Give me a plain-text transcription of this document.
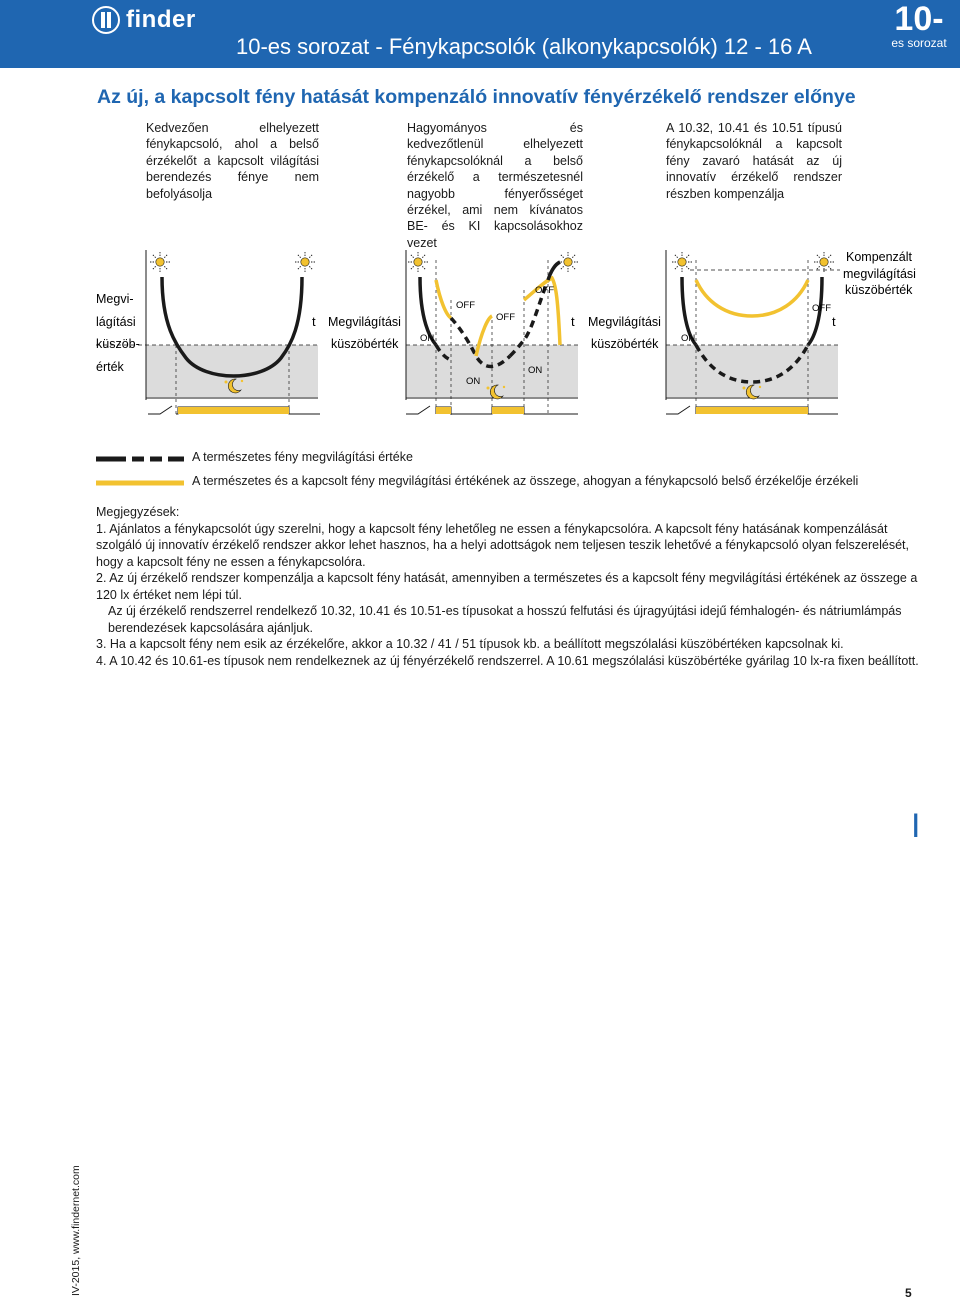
finder
10-es sorozat - Fénykapcsolók (alkonykapcsolók) 12 - 16 A
10-
es sorozat
Az új, a kapcsolt fény hatását kompenzáló innovatív fényérzékelő rendszer előnye
Kedvezően elhelyezett fénykapcsoló, ahol a belső érzékelőt a kapcsolt világítási berendezés fénye nem befolyásolja
Hagyományos és kedvezőtlenül elhelyezett fénykapcsolóknál a belső érzékelő a természetesnél nagyobb fényerősséget érzékel, ami nem kívánatos BE- és KI kapcsolásokhoz vezet
A 10.32, 10.41 és 10.51 típusú fénykapcsolóknál a kapcsolt fény zavaró hatását az új innovatív érzékelő rendszer részben kompenzálja
t
Megvi-
lágítási
küszöb-
érték
ON
OFF
ON
OFF
ON
OFF
t
Megvilágítási
küszöbérték	ON
OFF
t
Megvilágítási
küszöbérték
Kompenzált
megvilágítási
küszöbérték
A természetes fény megvilágítási értéke
A természetes és a kapcsolt fény megvilágítási értékének az összege, ahogyan a fénykapcsoló belső érzékelője érzékeli

Megjegyzések:

1. Ajánlatos a fénykapcsolót úgy szerelni, hogy a kapcsolt fény lehetőleg ne essen a fénykapcsolóra. A kapcsolt fény hatásának kompenzálását szolgáló új innovatív érzékelő rendszer akkor lehet hasznos, ha a helyi adottságok nem teljesen teszik lehetővé a fénykapcsoló olyan felszerelését, hogy a kapcsolt fény ne essen a fénykapcsolóra.

2. Az új érzékelő rendszer kompenzálja a kapcsolt fény hatását, amennyiben a természetes és a kapcsolt fény megvilágítási értékének az összege a 120 lx értéket nem lépi túl.

Az új érzékelő rendszerrel rendelkező 10.32, 10.41 és 10.51-es típusokat a hosszú felfutási és újragyújtási idejű fémhalogén- és nátriumlámpás berendezések kapcsolására ajánljuk.

3. Ha a kapcsolt fény nem esik az érzékelőre, akkor a 10.32 / 41 / 51 típusok kb. a beállított megszólalási küszöbértéken kapcsolnak ki.

4. A 10.42 és 10.61-es típusok nem rendelkeznek az új fényérzékelő rendszerrel. A 10.61 megszólalási küszöbértéke gyárilag 10 lx-ra fixen beállított.

I
IV-2015, www.findernet.com	5
